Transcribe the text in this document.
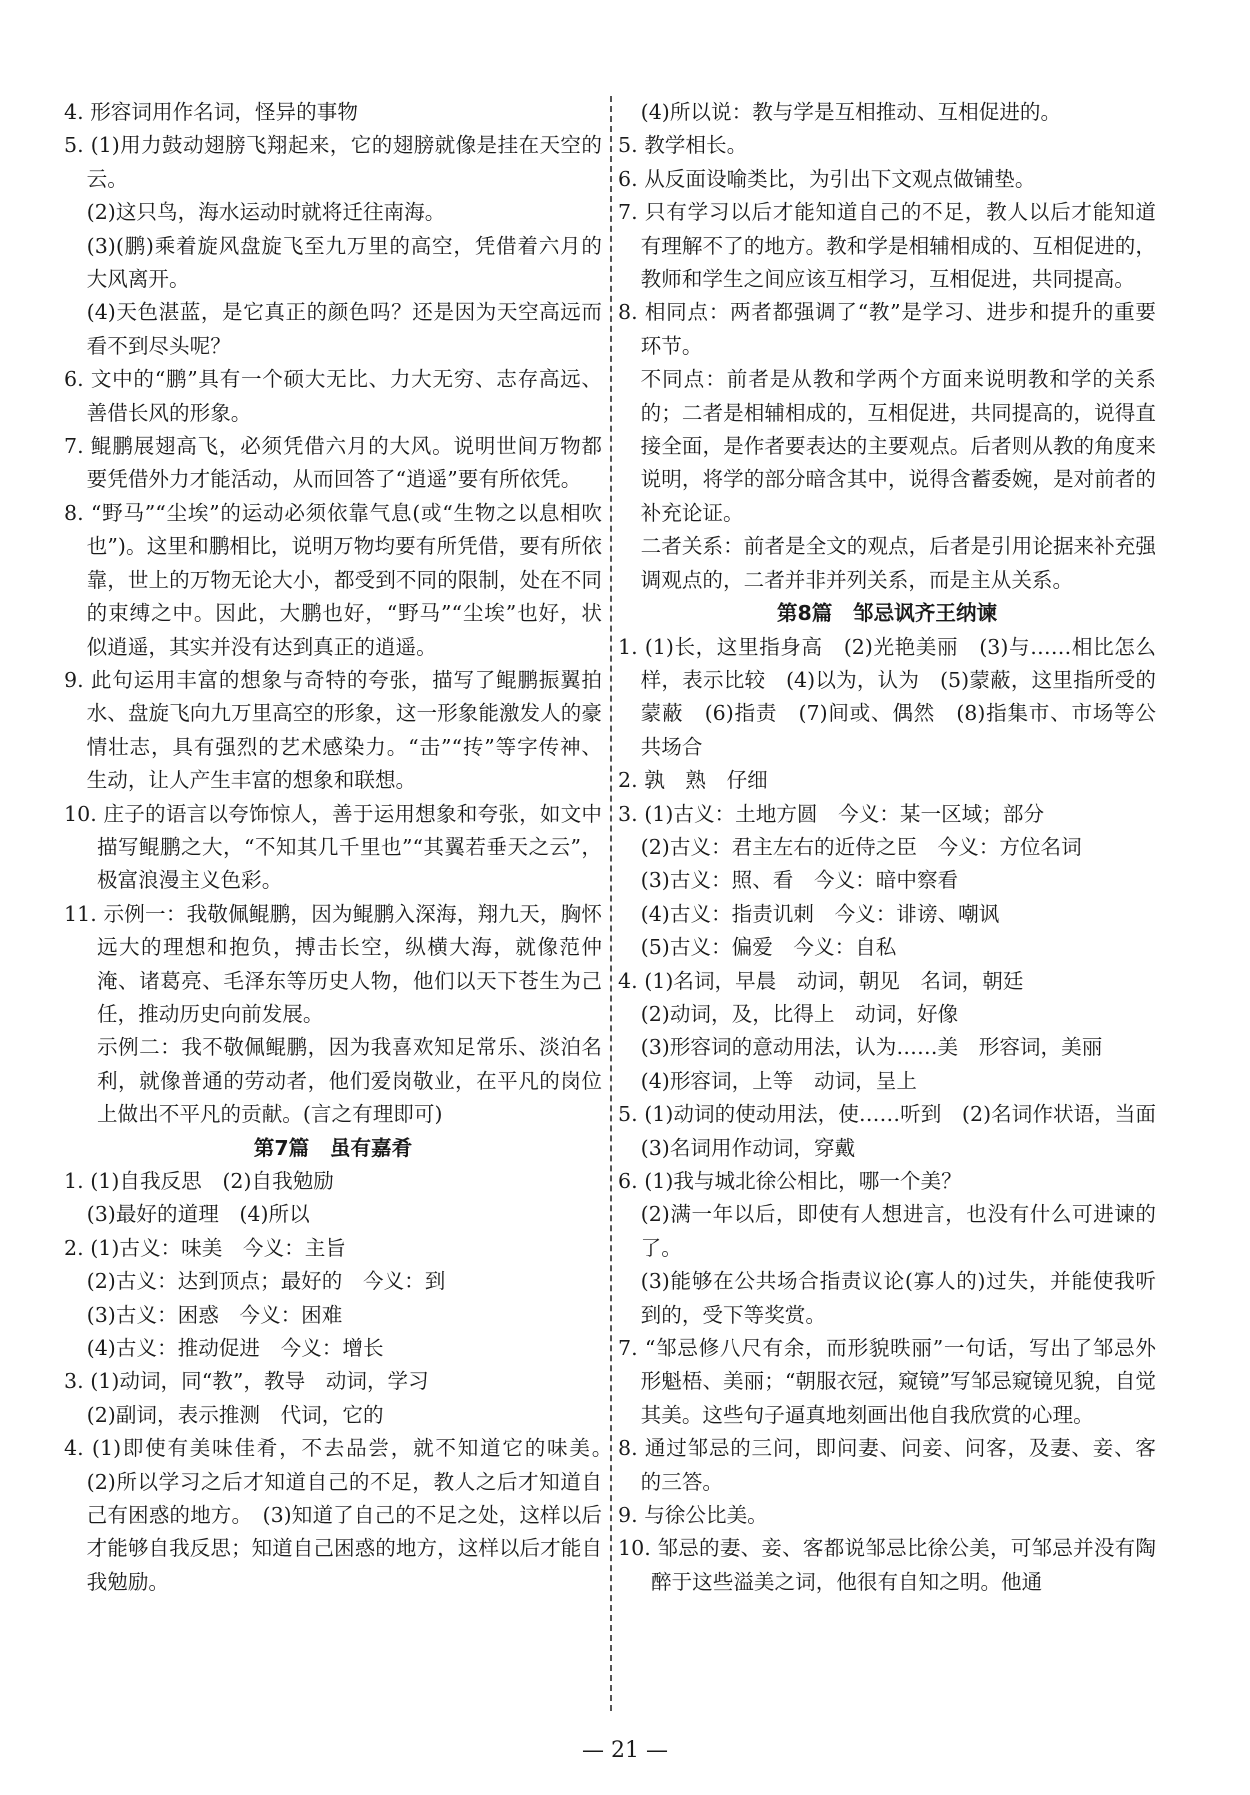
4. 形容词用作名词，怪异的事物
5. (1)用力鼓动翅膀飞翔起来，它的翅膀就像是挂在天空的云。
(2)这只鸟，海水运动时就将迁往南海。
(3)(鹏)乘着旋风盘旋飞至九万里的高空，凭借着六月的大风离开。
(4)天色湛蓝，是它真正的颜色吗？还是因为天空高远而看不到尽头呢？
6. 文中的“鹏”具有一个硕大无比、力大无穷、志存高远、善借长风的形象。
7. 鲲鹏展翅高飞，必须凭借六月的大风。说明世间万物都要凭借外力才能活动，从而回答了“逍遥”要有所依凭。
8. “野马”“尘埃”的运动必须依靠气息(或“生物之以息相吹也”)。这里和鹏相比，说明万物均要有所凭借，要有所依靠，世上的万物无论大小，都受到不同的限制，处在不同的束缚之中。因此，大鹏也好，“野马”“尘埃”也好，状似逍遥，其实并没有达到真正的逍遥。
9. 此句运用丰富的想象与奇特的夸张，描写了鲲鹏振翼拍水、盘旋飞向九万里高空的形象，这一形象能激发人的豪情壮志，具有强烈的艺术感染力。“击”“抟”等字传神、生动，让人产生丰富的想象和联想。
10. 庄子的语言以夸饰惊人，善于运用想象和夸张，如文中描写鲲鹏之大，“不知其几千里也”“其翼若垂天之云”，极富浪漫主义色彩。
11. 示例一：我敬佩鲲鹏，因为鲲鹏入深海，翔九天，胸怀远大的理想和抱负，搏击长空，纵横大海，就像范仲淹、诸葛亮、毛泽东等历史人物，他们以天下苍生为己任，推动历史向前发展。
示例二：我不敬佩鲲鹏，因为我喜欢知足常乐、淡泊名利，就像普通的劳动者，他们爱岗敬业，在平凡的岗位上做出不平凡的贡献。(言之有理即可)
第7篇　虽有嘉肴
1. (1)自我反思　(2)自我勉励
(3)最好的道理　(4)所以
2. (1)古义：味美　今义：主旨
(2)古义：达到顶点；最好的　今义：到
(3)古义：困惑　今义：困难
(4)古义：推动促进　今义：增长
3. (1)动词，同“教”，教导　动词，学习
(2)副词，表示推测　代词，它的
4. (1)即使有美味佳肴，不去品尝，就不知道它的味美。　(2)所以学习之后才知道自己的不足，教人之后才知道自己有困惑的地方。　(3)知道了自己的不足之处，这样以后才能够自我反思；知道自己困惑的地方，这样以后才能自我勉励。
(4)所以说：教与学是互相推动、互相促进的。
5. 教学相长。
6. 从反面设喻类比，为引出下文观点做铺垫。
7. 只有学习以后才能知道自己的不足，教人以后才能知道有理解不了的地方。教和学是相辅相成的、互相促进的，教师和学生之间应该互相学习，互相促进，共同提高。
8. 相同点：两者都强调了“教”是学习、进步和提升的重要环节。
不同点：前者是从教和学两个方面来说明教和学的关系的；二者是相辅相成的，互相促进，共同提高的，说得直接全面，是作者要表达的主要观点。后者则从教的角度来说明，将学的部分暗含其中，说得含蓄委婉，是对前者的补充论证。
二者关系：前者是全文的观点，后者是引用论据来补充强调观点的，二者并非并列关系，而是主从关系。
第8篇　邹忌讽齐王纳谏
1. (1)长，这里指身高　(2)光艳美丽　(3)与……相比怎么样，表示比较　(4)以为，认为　(5)蒙蔽，这里指所受的蒙蔽　(6)指责　(7)间或、偶然　(8)指集市、市场等公共场合
2. 孰　熟　仔细
3. (1)古义：土地方圆　今义：某一区域；部分
(2)古义：君主左右的近侍之臣　今义：方位名词
(3)古义：照、看　今义：暗中察看
(4)古义：指责讥刺　今义：诽谤、嘲讽
(5)古义：偏爱　今义：自私
4. (1)名词，早晨　动词，朝见　名词，朝廷
(2)动词，及，比得上　动词，好像
(3)形容词的意动用法，认为……美　形容词，美丽
(4)形容词，上等　动词，呈上
5. (1)动词的使动用法，使……听到　(2)名词作状语，当面　(3)名词用作动词，穿戴
6. (1)我与城北徐公相比，哪一个美？
(2)满一年以后，即使有人想进言，也没有什么可进谏的了。
(3)能够在公共场合指责议论(寡人的)过失，并能使我听到的，受下等奖赏。
7. “邹忌修八尺有余，而形貌昳丽”一句话，写出了邹忌外形魁梧、美丽；“朝服衣冠，窥镜”写邹忌窥镜见貌，自觉其美。这些句子逼真地刻画出他自我欣赏的心理。
8. 通过邹忌的三问，即问妻、问妾、问客，及妻、妾、客的三答。
9. 与徐公比美。
10. 邹忌的妻、妾、客都说邹忌比徐公美，可邹忌并没有陶醉于这些溢美之词，他很有自知之明。他通
— 21 —
